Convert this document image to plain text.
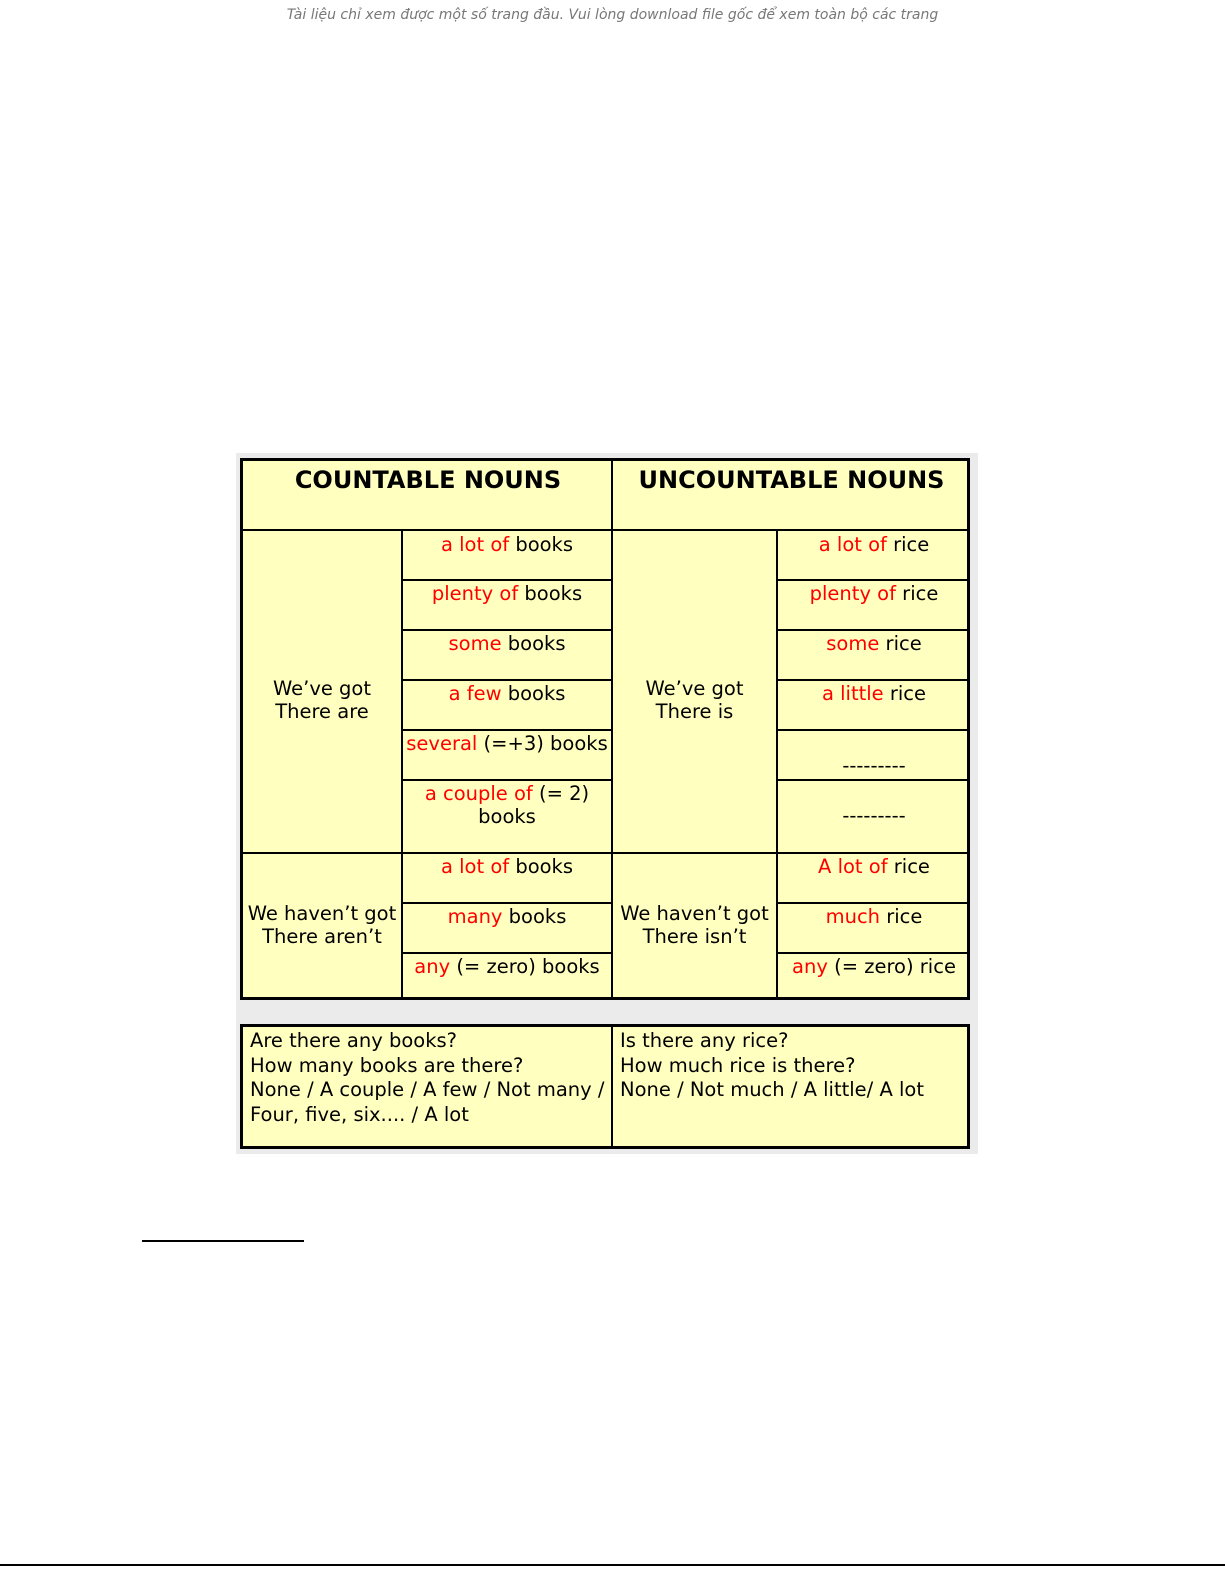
Tài liệu chỉ xem được một số trang đầu. Vui lòng download file gốc để xem toàn bộ các trang
COUNTABLE NOUNS	UNCOUNTABLE NOUNS
We’ve got
There are
a lot of books
plenty of books
some books
a few books
several (=+3) books
a couple of (= 2)
books
We haven’t got
There aren’t
a lot of books
many books
any (= zero) books
We’ve got
There is
a lot of rice
plenty of rice
some rice
a little rice
---------
---------
We haven’t got
There isn’t
A lot of rice
much rice
any (= zero) rice
Are there any books?
How many books are there?
None / A couple / A few / Not many /
Four, five, six.... / A lot
Is there any rice?
How much rice is there?
None / Not much / A little/ A lot
